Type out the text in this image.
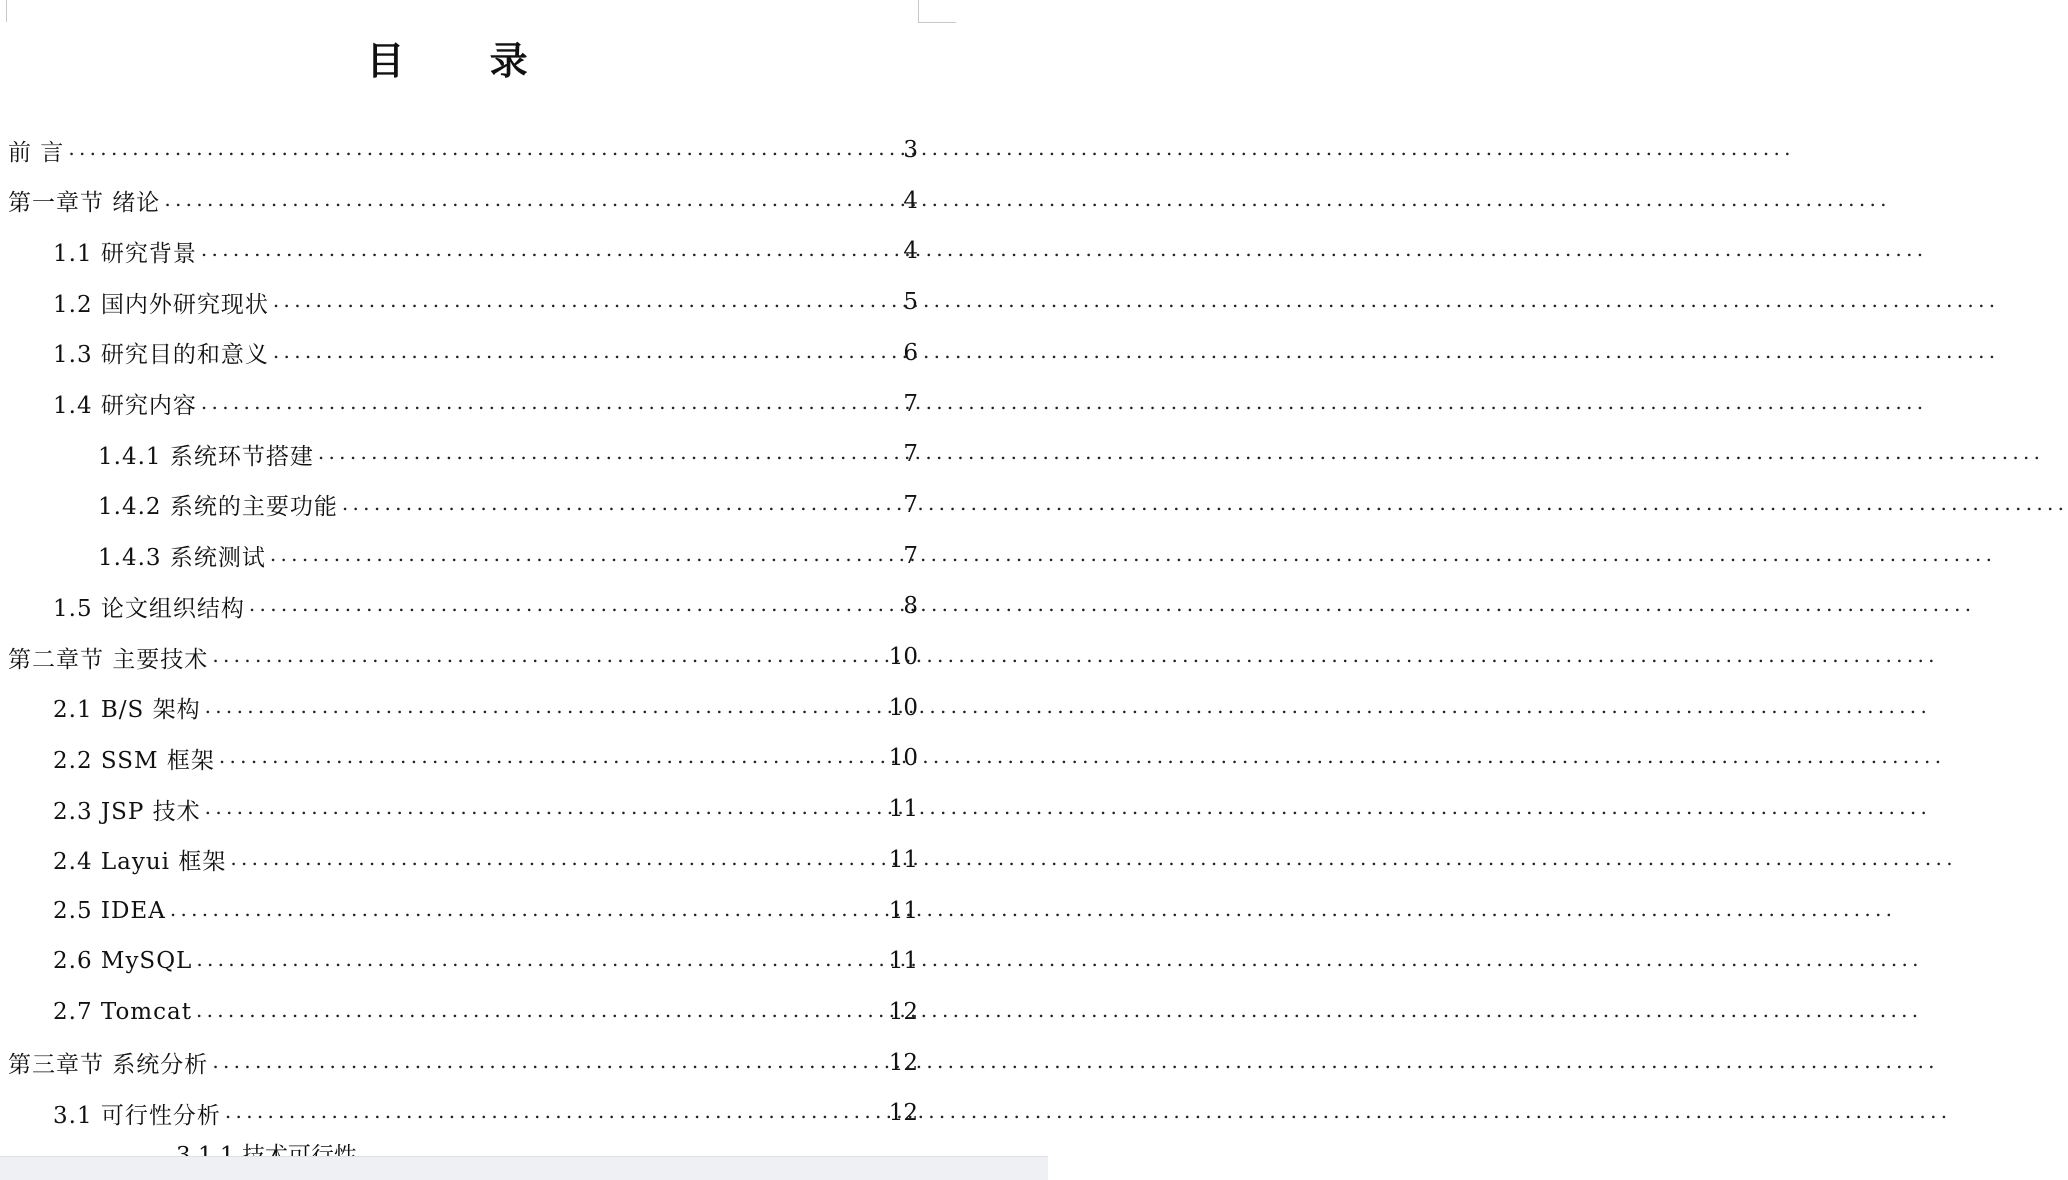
目 录
前 言 .....	3
第一章节 绪论 .....	4
1.1 研究背景 .....	4
1.2 国内外研究现状 .....	5
1.3 研究目的和意义 .....	6
1.4 研究内容 .....	7
1.4.1 系统环节搭建 .....	7
1.4.2 系统的主要功能 .....	7
1.4.3 系统测试 .....	7
1.5 论文组织结构 .....	8
第二章节 主要技术 .....	10
2.1 B/S 架构 .....	10
2.2 SSM 框架 .....	10
2.3 JSP 技术 .....	11
2.4 Layui 框架 .....	11
2.5 IDEA .....	11
2.6 MySQL .....	11
2.7 Tomcat .....	12
第三章节 系统分析 .....	12
3.1 可行性分析 .....	12
